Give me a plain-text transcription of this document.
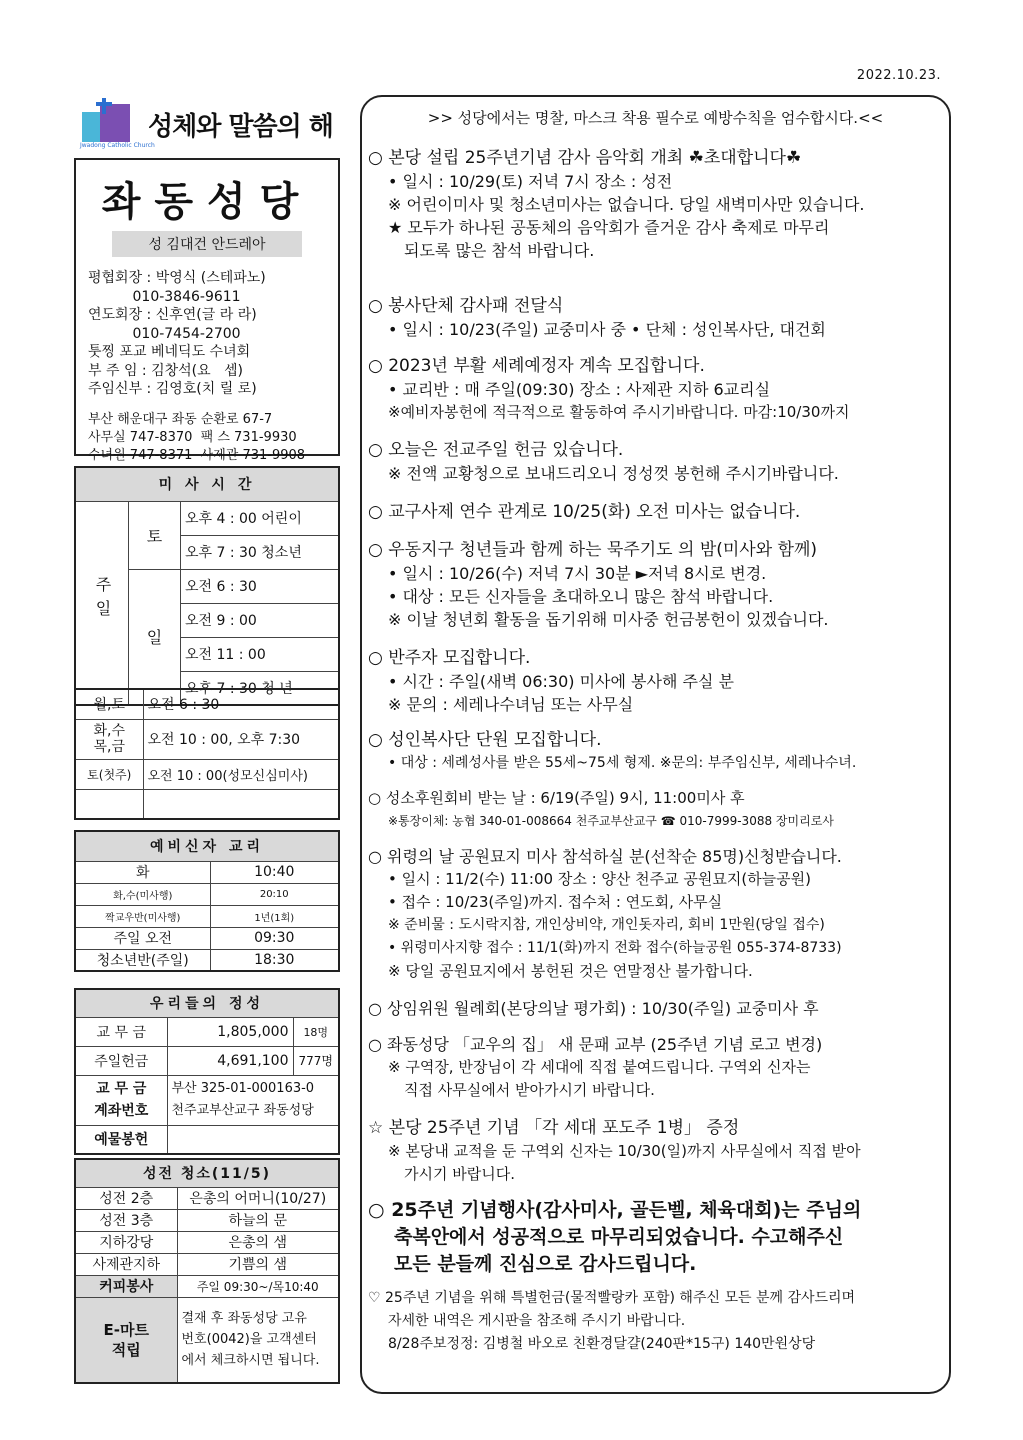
2022.10.23.
Jwadong Catholic Church
성체와 말씀의 해
좌동성당
성 김대건 안드레아
평협회장 : 박영식 (스테파노)
010-3846-9611
연도회장 : 신후연(글 라 라)
010-7454-2700
툿찡 포교 베네딕도 수녀회
부 주 임 : 김창석(요   셉)
주임신부 : 김영호(치 릴 로)
부산 해운대구 좌동 순환로 67-7
사무실 747-8370  팩 스 731-9930
수녀원 747-8371  사제관 731-9908
미 사 시 간		
주일	토	오후 4 : 00 어린이
		오후 7 : 30 청소년
	일	오전 6 : 30
		오전 9 : 00
		오전 11 : 00
		오후 7 : 30 청 년
월,토	오전 6 : 30
화,수
목,금	오전 10 : 00, 오후 7:30
토(첫주)	오전 10 : 00(성모신심미사)

예비신자 교리	
화	10:40
화,수(미사행)	20:10
짝교우반(미사행)	1년(1회)
주일 오전	09:30
청소년반(주일)	18:30
우리들의 정성		
교 무 금	1,805,000	18명
주일헌금	4,691,100	777명
교 무 금
계좌번호	부산 325-01-000163-0
천주교부산교구 좌동성당	
예물봉헌		
성전 청소(11/5)	
성전 2층	은총의 어머니(10/27)
성전 3층	하늘의 문
지하강당	은총의 샘
사제관지하	기쁨의 샘
커피봉사	주일 09:30~/목10:40
E-마트
적립	결재 후 좌동성당 고유
번호(0042)을 고객센터
에서 체크하시면 됩니다.
>> 성당에서는 명찰, 마스크 착용 필수로 예방수칙을 엄수합시다.<<
○ 본당 설립 25주년기념 감사 음악회 개최 ☘초대합니다☘
• 일시 : 10/29(토) 저녁 7시 장소 : 성전
※ 어린이미사 및 청소년미사는 없습니다. 당일 새벽미사만 있습니다.
★ 모두가 하나된 공동체의 음악회가 즐거운 감사 축제로 마무리
되도록 많은 참석 바랍니다.
○ 봉사단체 감사패 전달식
• 일시 : 10/23(주일) 교중미사 중 • 단체 : 성인복사단, 대건회
○ 2023년 부활 세례예정자 계속 모집합니다.
• 교리반 : 매 주일(09:30) 장소 : 사제관 지하 6교리실
※예비자봉헌에 적극적으로 활동하여 주시기바랍니다. 마감:10/30까지
○ 오늘은 전교주일 헌금 있습니다.
※ 전액 교황청으로 보내드리오니 정성껏 봉헌해 주시기바랍니다.
○ 교구사제 연수 관계로 10/25(화) 오전 미사는 없습니다.
○ 우동지구 청년들과 함께 하는 묵주기도 의 밤(미사와 함께)
• 일시 : 10/26(수) 저녁 7시 30분 ►저녁 8시로 변경.
• 대상 : 모든 신자들을 초대하오니 많은 참석 바랍니다.
※ 이날 청년회 활동을 돕기위해 미사중 헌금봉헌이 있겠습니다.
○ 반주자 모집합니다.
• 시간 : 주일(새벽 06:30) 미사에 봉사해 주실 분
※ 문의 : 세레나수녀님 또는 사무실
○ 성인복사단 단원 모집합니다.
• 대상 : 세례성사를 받은 55세~75세 형제. ※문의: 부주임신부, 세레나수녀.
○ 성소후원회비 받는 날 : 6/19(주일) 9시, 11:00미사 후
※통장이체: 농협 340-01-008664 천주교부산교구 ☎ 010-7999-3088 장미리로사
○ 위령의 날 공원묘지 미사 참석하실 분(선착순 85명)신청받습니다.
• 일시 : 11/2(수) 11:00 장소 : 양산 천주교 공원묘지(하늘공원)
• 접수 : 10/23(주일)까지. 접수처 : 연도회, 사무실
※ 준비물 : 도시락지참, 개인상비약, 개인돗자리, 회비 1만원(당일 접수)
• 위령미사지향 접수 : 11/1(화)까지 전화 접수(하늘공원 055-374-8733)
※ 당일 공원묘지에서 봉헌된 것은 연말정산 불가합니다.
○ 상임위원 월례회(본당의날 평가회) : 10/30(주일) 교중미사 후
○ 좌동성당 「교우의 집」 새 문패 교부 (25주년 기념 로고 변경)
※ 구역장, 반장님이 각 세대에 직접 붙여드립니다. 구역외 신자는
직접 사무실에서 받아가시기 바랍니다.
☆ 본당 25주년 기념 「각 세대 포도주 1병」 증정
※ 본당내 교적을 둔 구역외 신자는 10/30(일)까지 사무실에서 직접 받아
가시기 바랍니다.
○ 25주년 기념행사(감사미사, 골든벨, 체육대회)는 주님의
축복안에서 성공적으로 마무리되었습니다. 수고해주신
모든 분들께 진심으로 감사드립니다.
♡ 25주년 기념을 위해 특별헌금(물적빨랑카 포함) 해주신 모든 분께 감사드리며
자세한 내역은 게시판을 참조해 주시기 바랍니다.
8/28주보정정: 김병철 바오로 친환경달걀(240판*15구) 140만원상당
